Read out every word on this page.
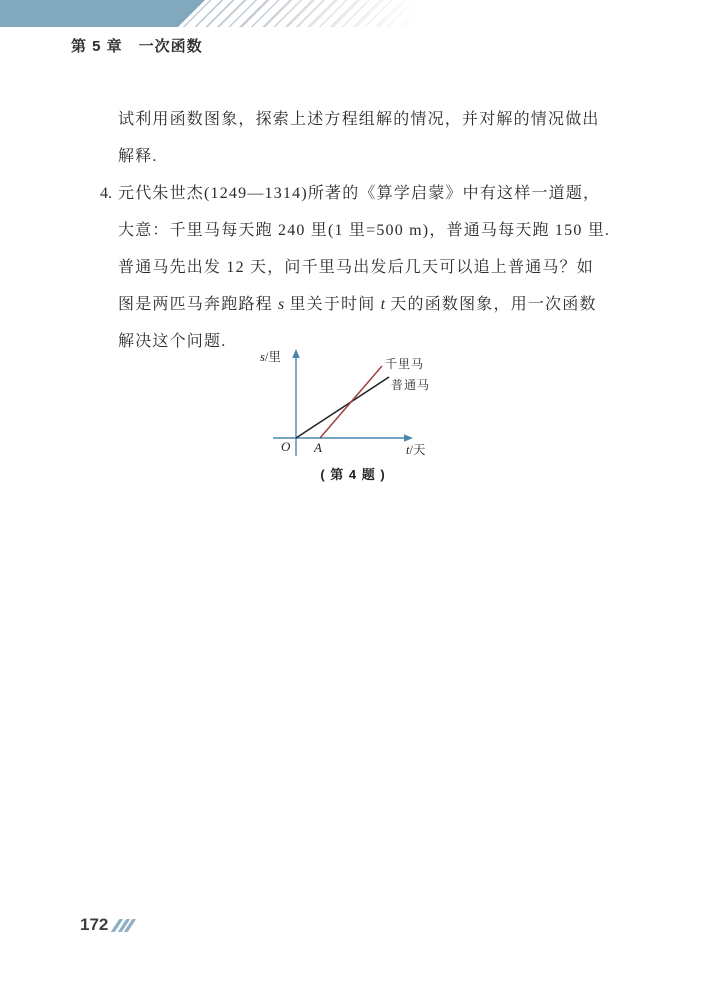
第 5 章　一次函数
试利用函数图象，探索上述方程组解的情况，并对解的情况做出
解释.
4. 元代朱世杰(1249—1314)所著的《算学启蒙》中有这样一道题，
大意：千里马每天跑 240 里(1 里=500 m)，普通马每天跑 150 里.
普通马先出发 12 天，问千里马出发后几天可以追上普通马？如
图是两匹马奔跑路程 s 里关于时间 t 天的函数图象，用一次函数
解决这个问题.
s/里
t/天
O A
千里马
普通马
( 第 4 题 )
172
